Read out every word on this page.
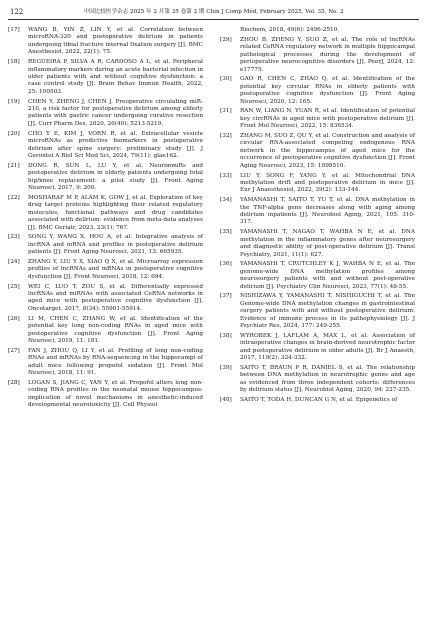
122	中国比较医学杂志 2025 年 2 月第 35 卷第 2 期 Chin J Comp Med, February 2025, Vol. 35, No. 2
[17] WANG B, YIN Z, LIN Y, et al. Correlation between microRNA-320 and postoperative delirium in patients undergoing tibial fracture internal fixation surgery [J]. BMC Anesthesiol, 2022, 22(1): 75.
[18] REGUEIRA P, SILVA A R, CARDOSO A L, et al. Peripheral inflammatory markers during an acute bacterial infection in older patients with and without cognitive dysfunction: a case control study [J]. Brain Behav Immun Health, 2022, 25: 100503.
[19] CHEN Y, ZHENG J, CHEN J. Preoperative circulating miR-210, a risk factor for postoperative delirium among elderly patients with gastric cancer undergoing curative resection [J]. Curr Pharm Des, 2020, 26(40): 5213-5219.
[20] CHO Y E, KIM J, VORN R, et al. Extracellular vesicle microRNAs as predictive biomarkers in postoperative delirium after spine surgery: preliminary study [J]. J Gerontol A Biol Sci Med Sci, 2024, 79(11): glae162.
[21] DONG R, SUN L, LU Y, et al. NeurimmiRs and postoperative delirium in elderly patients undergoing total hip/knee replacement: a pilot study [J]. Front Aging Neurosci, 2017, 9: 200.
[22] MOSHARAF M P, ALAM K, GOW J, et al. Exploration of key drug target proteins highlighting their related regulatory molecules, functional pathways and drug candidates associated with delirium: evidence from meta-data analyses [J]. BMC Geriatr, 2023, 23(1): 767.
[23] SONG Y, WANG X, HOU A, et al. Integrative analysis of lncRNA and mRNA and profiles in postoperative delirium patients [J]. Front Aging Neurosci, 2021, 13: 665935.
[24] ZHANG Y, LIU Y X, XIAO Q X, et al. Microarray expression profiles of lncRNAs and mRNAs in postoperative cognitive dysfunction [J]. Front Neurosci, 2018, 12: 694.
[25] WEI C, LUO T, ZOU S, et al. Differentially expressed lncRNAs and miRNAs with associated CeRNA networks in aged mice with postoperative cognitive dysfunction [J]. Oncotarget, 2017, 8(34): 55901-55914.
[26] LI M, CHEN C, ZHANG W, et al. Identification of the potential key long non-coding RNAs in aged mice with postoperative cognitive dysfunction [J]. Front Aging Neurosci, 2019, 11: 181.
[27] FAN J, ZHOU Q, LI Y, et al. Profiling of long non-coding RNAs and mRNAs by RNA-sequencing in the hippocampi of adult mice following propofol sedation [J]. Front Mol Neurosci, 2018, 11: 91.
[28] LOGAN S, JIANG C, YAN Y, et al. Propofol alters long non-coding RNA profiles in the neonatal mouse hippocampus: implication of novel mechanisms in anesthetic-induced developmental neurotoxicity [J]. Cell Physiol
Biochem, 2018, 49(6): 2496-2510.
[29] ZHOU B, ZHENG Y, SUO Z, et al. The role of lncRNAs related CeRNA regulatory network in multiple hippocampal pathological processes during the development of perioperative neurocognitive disorders [J]. PeerJ, 2024, 12: e17775.
[30] GAO R, CHEN C, ZHAO Q, et al. Identification of the potential key circular RNAs in elderly patients with postoperative cognitive dysfunction [J]. Front Aging Neurosci, 2020, 12: 165.
[31] RAN W, LIANG N, YUAN R, et al. Identification of potential key circRNAs in aged mice with postoperative delirium [J]. Front Mol Neurosci, 2022, 15: 836534.
[32] ZHANG M, SUO Z, QU Y, et al. Construction and analysis of circular RNA-associated competing endogenous RNA network in the hippocampus of aged mice for the occurrence of postoperative cognitive dysfunction [J]. Front Aging Neurosci, 2023, 15: 1098510.
[33] LIU Y, SONG F, YANG Y, et al. Mitochondrial DNA methylation drift and postoperative delirium in mice [J]. Eur J Anaesthesiol, 2022, 39(2): 133-144.
[34] YAMANASHI T, SAITO T, YU T, et al. DNA methylation in the TNF-alpha gene decreases along with aging among delirium inpatients [J]. Neurobiol Aging, 2021, 105: 310-317.
[35] YAMANASHI T, NAGAO T, WAHBA N E, et al. DNA methylation in the inflammatory genes after neurosurgery and diagnostic ability of post-operative delirium [J]. Transl Psychiatry, 2021, 11(1): 627.
[36] YAMANASHI T, CRUTCHLEY K J, WAHBA N E, et al. The genome-wide DNA methylation profiles among neurosurgery patients with and without post-operative delirium [J]. Psychiatry Clin Neurosci, 2023, 77(1): 48-55.
[37] NISHIZAWA Y, YAMANASHI T, NISHIGUCHI T, et al. The Genome-wide DNA methylation changes in gastrointestinal surgery patients with and without postoperative delirium: Evidence of immune process in its pathophysiology [J]. J Psychiatr Res, 2024, 177: 249-255.
[38] WYROBEK J, LAFLAM A, MAX L, et al. Association of intraoperative changes in brain-derived neurotrophic factor and postoperative delirium in older adults [J]. Br J Anaesth, 2017, 119(2): 324-332.
[39] SAITO T, BRAUN P R, DANIEL S, et al. The relationship between DNA methylation in neurotrophic genes and age as evidenced from three independent cohorts: differences by delirium status [J]. Neurobiol Aging, 2020, 94: 227-235.
[40] SAITO T, TODA H, DUNCAN G N, et al. Epigenetics of
